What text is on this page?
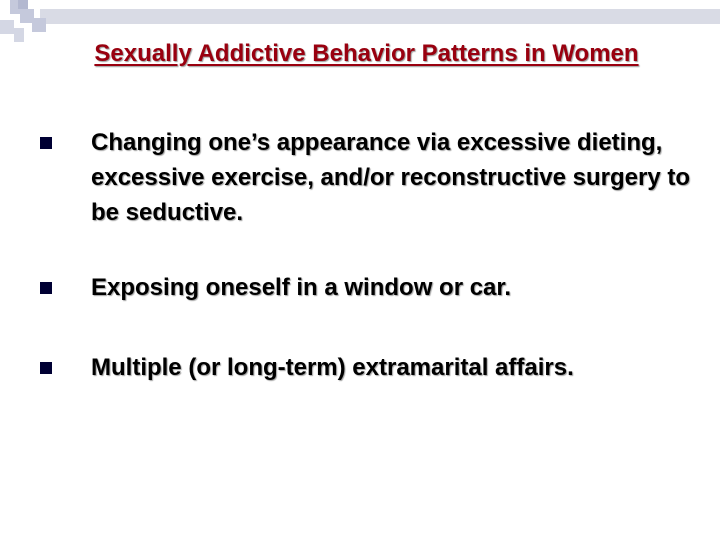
Sexually Addictive Behavior Patterns in Women
Changing one’s appearance via excessive dieting, excessive exercise, and/or reconstructive surgery to be seductive.
Exposing oneself in a window or car.
Multiple (or long-term) extramarital affairs.
